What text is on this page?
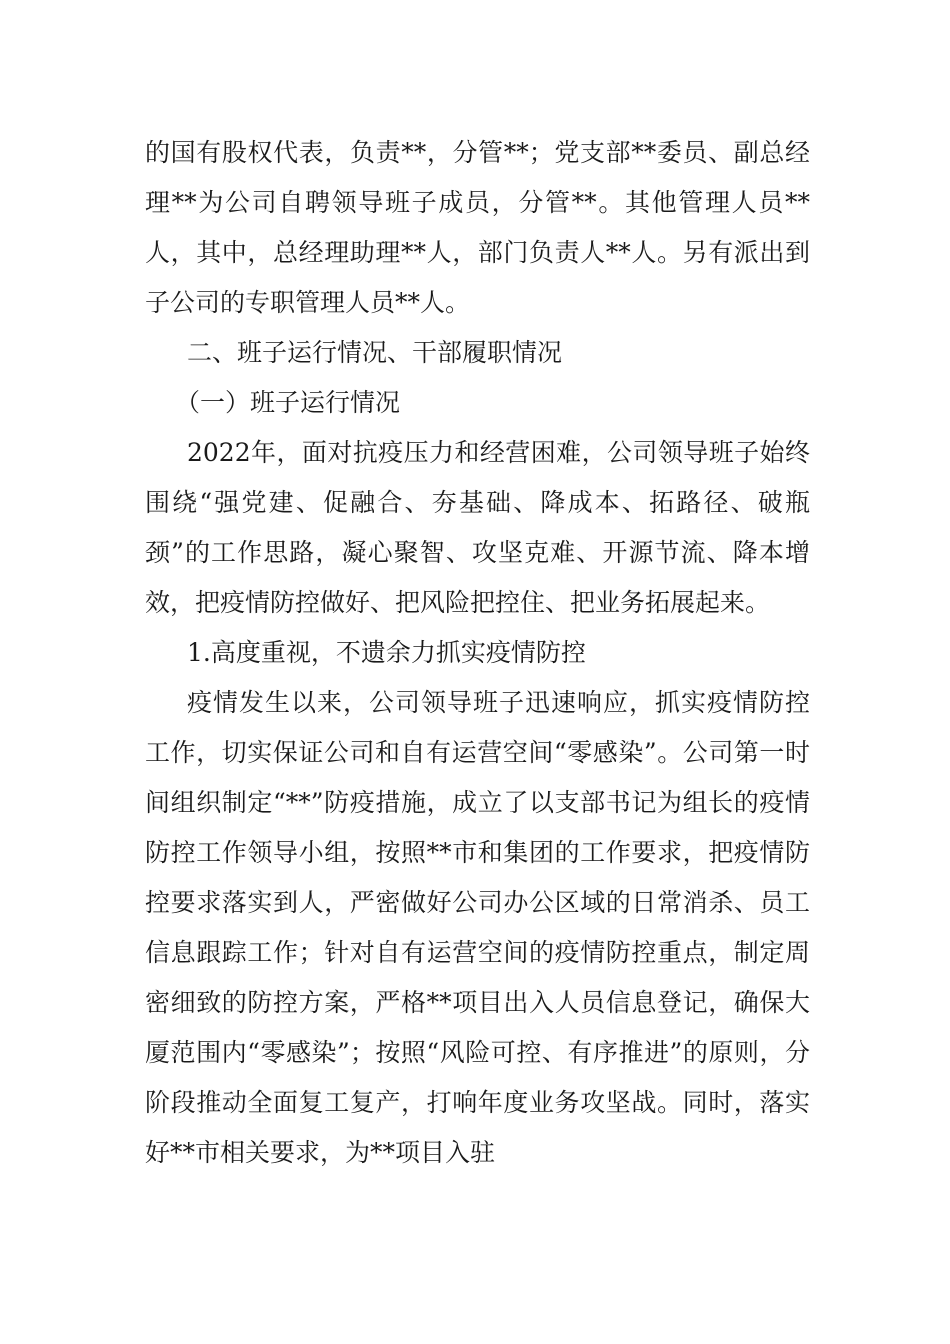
的国有股权代表，负责**，分管**；党支部**委员、副总经理**为公司自聘领导班子成员，分管**。其他管理人员**人，其中，总经理助理**人，部门负责人**人。另有派出到子公司的专职管理人员**人。

二、班子运行情况、干部履职情况

（一）班子运行情况

2022年，面对抗疫压力和经营困难，公司领导班子始终围绕“强党建、促融合、夯基础、降成本、拓路径、破瓶颈”的工作思路，凝心聚智、攻坚克难、开源节流、降本增效，把疫情防控做好、把风险把控住、把业务拓展起来。

1.高度重视，不遗余力抓实疫情防控

疫情发生以来，公司领导班子迅速响应，抓实疫情防控工作，切实保证公司和自有运营空间“零感染”。公司第一时间组织制定“**”防疫措施，成立了以支部书记为组长的疫情防控工作领导小组，按照**市和集团的工作要求，把疫情防控要求落实到人，严密做好公司办公区域的日常消杀、员工信息跟踪工作；针对自有运营空间的疫情防控重点，制定周密细致的防控方案，严格**项目出入人员信息登记，确保大厦范围内“零感染”；按照“风险可控、有序推进”的原则，分阶段推动全面复工复产，打响年度业务攻坚战。同时，落实好**市相关要求，为**项目入驻
